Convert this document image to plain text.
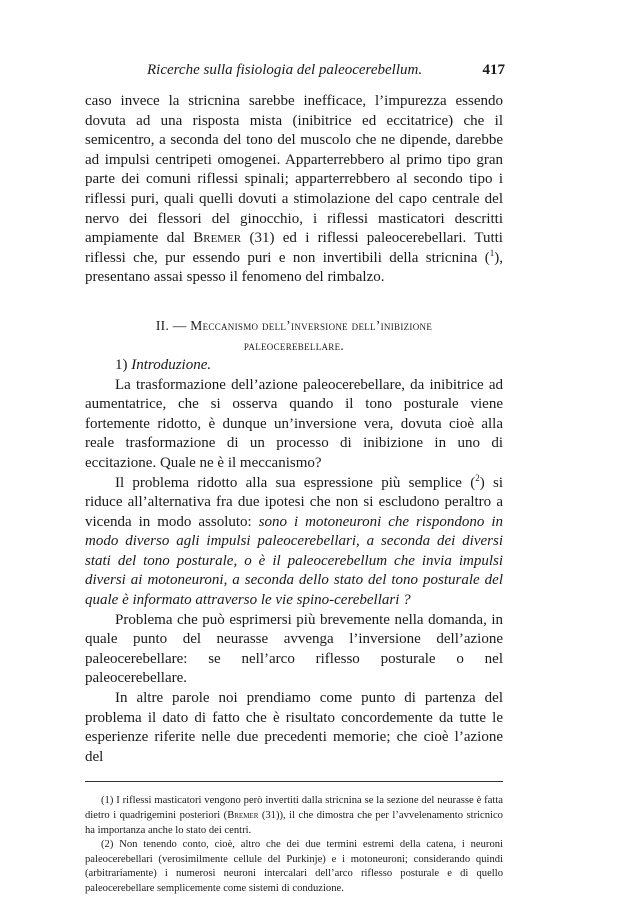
Ricerche sulla fisiologia del paleocerebellum.	417

caso invece la stricnina sarebbe inefficace, l’impurezza essendo dovuta ad una risposta mista (inibitrice ed eccitatrice) che il semicentro, a seconda del tono del muscolo che ne dipende, darebbe ad impulsi centripeti omogenei. Apparterrebbero al primo tipo gran parte dei comuni riflessi spinali; apparterrebbero al secondo tipo i riflessi puri, quali quelli dovuti a stimolazione del capo centrale del nervo dei flessori del ginocchio, i riflessi masticatori descritti ampiamente dal Bremer (31) ed i riflessi paleocerebellari. Tutti riflessi che, pur essendo puri e non invertibili della stricnina ($^1$), presentano assai spesso il fenomeno del rimbalzo.

II. — Meccanismo dell’inversione dell’inibizione
paleocerebellare.

1) Introduzione.

La trasformazione dell’azione paleocerebellare, da inibitrice ad aumentatrice, che si osserva quando il tono posturale viene fortemente ridotto, è dunque un’inversione vera, dovuta cioè alla reale trasformazione di un processo di inibizione in uno di eccitazione. Quale ne è il meccanismo?

Il problema ridotto alla sua espressione più semplice ($^2$) si riduce all’alternativa fra due ipotesi che non si escludono peraltro a vicenda in modo assoluto: sono i motoneuroni che rispondono in modo diverso agli impulsi paleocerebellari, a seconda dei diversi stati del tono posturale, o è il paleocerebellum che invia impulsi diversi ai motoneuroni, a seconda dello stato del tono posturale del quale è informato attraverso le vie spino-cerebellari ?

Problema che può esprimersi più brevemente nella domanda, in quale punto del neurasse avvenga l’inversione dell’azione paleocerebellare: se nell’arco riflesso posturale o nel paleocerebellare.

In altre parole noi prendiamo come punto di partenza del problema il dato di fatto che è risultato concordemente da tutte le esperienze riferite nelle due precedenti memorie; che cioè l’azione del

(1) I riflessi masticatori vengono però invertiti dalla stricnina se la sezione del neurasse è fatta dietro i quadrigemini posteriori (Bremer (31)), il che dimostra che per l’avvelenamento stricnico ha importanza anche lo stato dei centri.

(2) Non tenendo conto, cioè, altro che dei due termini estremi della catena, i neuroni paleocerebellari (verosimilmente cellule del Purkinje) e i motoneuroni; considerando quindi (arbitrariamente) i numerosi neuroni intercalari dell’arco riflesso posturale e di quello paleocerebellare semplicemente come sistemi di conduzione.
